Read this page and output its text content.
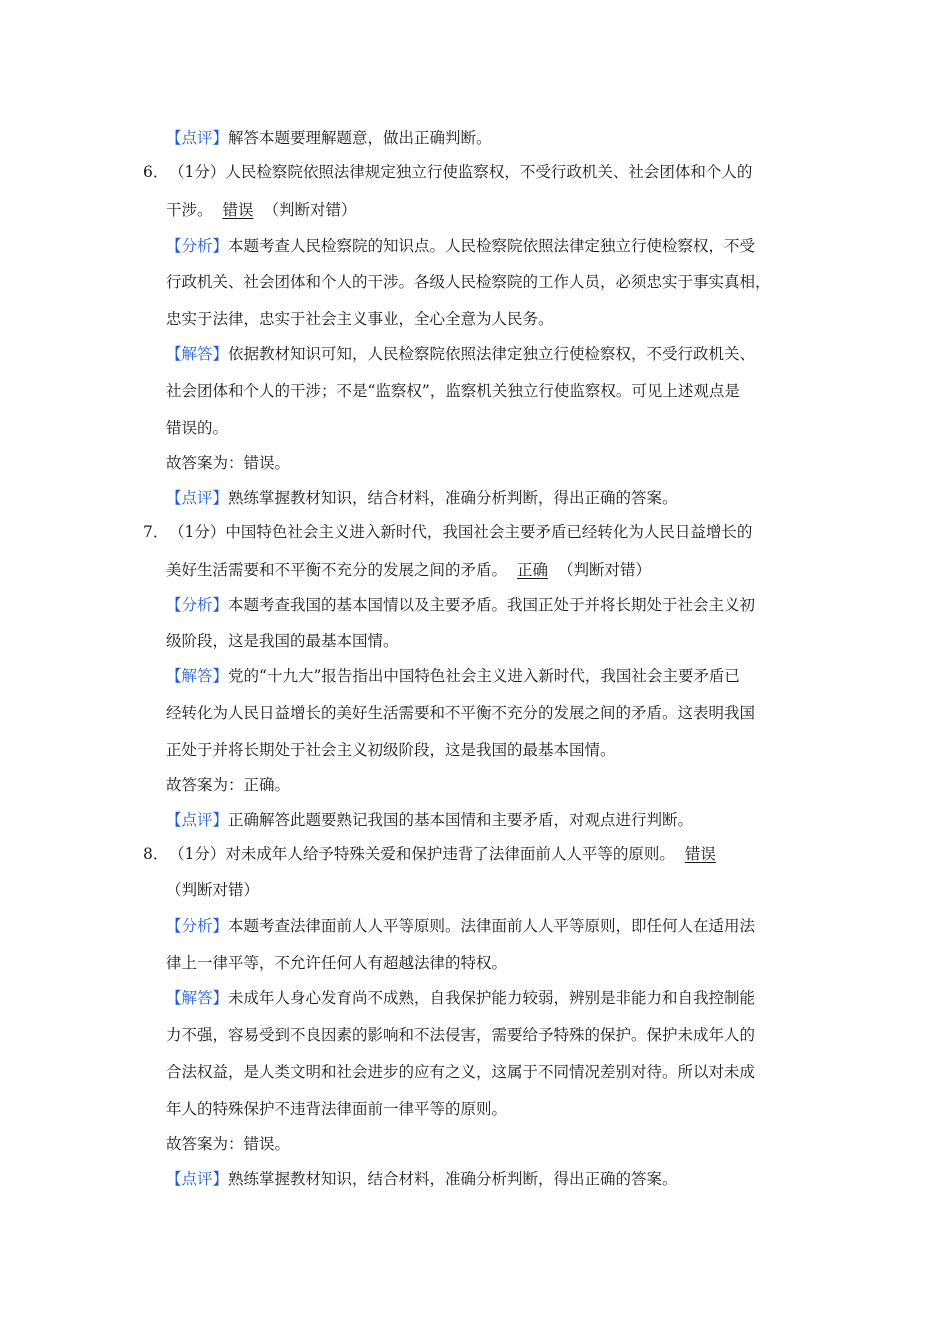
【点评】解答本题要理解题意，做出正确判断。
6．（1分）人民检察院依照法律规定独立行使监察权，不受行政机关、社会团体和个人的
干涉。 错误 （判断对错）
【分析】本题考查人民检察院的知识点。人民检察院依照法律定独立行使检察权，不受
行政机关、社会团体和个人的干涉。各级人民检察院的工作人员，必须忠实于事实真相，
忠实于法律，忠实于社会主义事业，全心全意为人民务。
【解答】依据教材知识可知，人民检察院依照法律定独立行使检察权，不受行政机关、
社会团体和个人的干涉；不是“监察权”，监察机关独立行使监察权。可见上述观点是
错误的。
故答案为：错误。
【点评】熟练掌握教材知识，结合材料，准确分析判断，得出正确的答案。
7．（1分）中国特色社会主义进入新时代，我国社会主要矛盾已经转化为人民日益增长的
美好生活需要和不平衡不充分的发展之间的矛盾。 正确 （判断对错）
【分析】本题考查我国的基本国情以及主要矛盾。我国正处于并将长期处于社会主义初
级阶段，这是我国的最基本国情。
【解答】党的“十九大”报告指出中国特色社会主义进入新时代，我国社会主要矛盾已
经转化为人民日益增长的美好生活需要和不平衡不充分的发展之间的矛盾。这表明我国
正处于并将长期处于社会主义初级阶段，这是我国的最基本国情。
故答案为：正确。
【点评】正确解答此题要熟记我国的基本国情和主要矛盾，对观点进行判断。
8．（1分）对未成年人给予特殊关爱和保护违背了法律面前人人平等的原则。 错误
（判断对错）
【分析】本题考查法律面前人人平等原则。法律面前人人平等原则，即任何人在适用法
律上一律平等，不允许任何人有超越法律的特权。
【解答】未成年人身心发育尚不成熟，自我保护能力较弱，辨别是非能力和自我控制能
力不强，容易受到不良因素的影响和不法侵害，需要给予特殊的保护。保护未成年人的
合法权益，是人类文明和社会进步的应有之义，这属于不同情况差别对待。所以对未成
年人的特殊保护不违背法律面前一律平等的原则。
故答案为：错误。
【点评】熟练掌握教材知识，结合材料，准确分析判断，得出正确的答案。
